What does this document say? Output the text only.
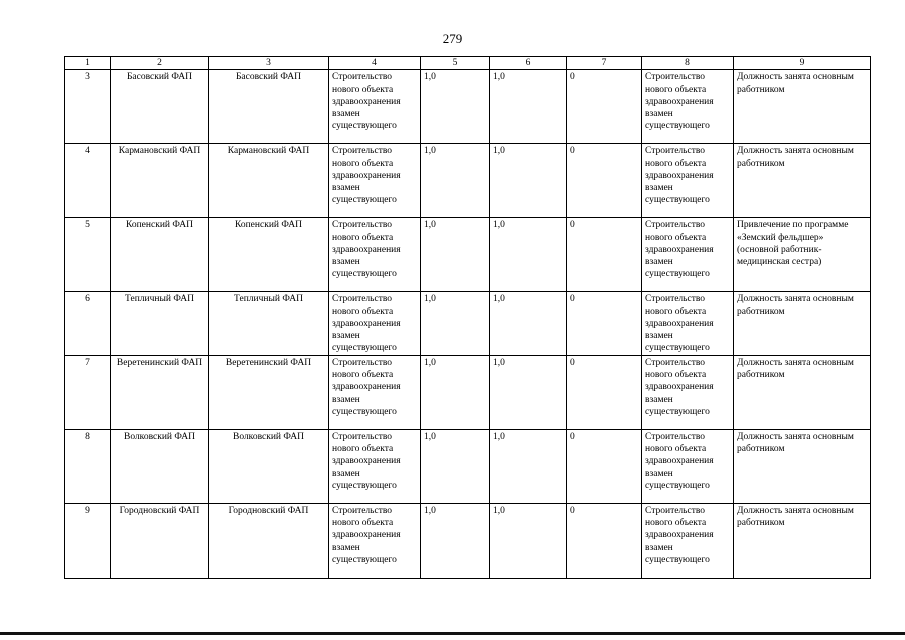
279
1	2	3	4	5	6	7	8	9
3	Басовский ФАП	Басовский ФАП	Строительство нового объекта здравоохранения взамен существующего	1,0	1,0	0	Строительство нового объекта здравоохранения взамен существующего	Должность занята основным работником
4	Кармановский ФАП	Кармановский ФАП	Строительство нового объекта здравоохранения взамен существующего	1,0	1,0	0	Строительство нового объекта здравоохранения взамен существующего	Должность занята основным работником
5	Копенский ФАП	Копенский ФАП	Строительство нового объекта здравоохранения взамен существующего	1,0	1,0	0	Строительство нового объекта здравоохранения взамен существующего	Привлечение по программе «Земский фельдшер» (основной работник- медицинская сестра)
6	Тепличный ФАП	Тепличный ФАП	Строительство нового объекта здравоохранения взамен существующего	1,0	1,0	0	Строительство нового объекта здравоохранения взамен существующего	Должность занята основным работником
7	Веретенинский ФАП	Веретенинский ФАП	Строительство нового объекта здравоохранения взамен существующего	1,0	1,0	0	Строительство нового объекта здравоохранения взамен существующего	Должность занята основным работником
8	Волковский ФАП	Волковский ФАП	Строительство нового объекта здравоохранения взамен существующего	1,0	1,0	0	Строительство нового объекта здравоохранения взамен существующего	Должность занята основным работником
9	Городновский ФАП	Городновский ФАП	Строительство нового объекта здравоохранения взамен существующего	1,0	1,0	0	Строительство нового объекта здравоохранения взамен существующего	Должность занята основным работником
